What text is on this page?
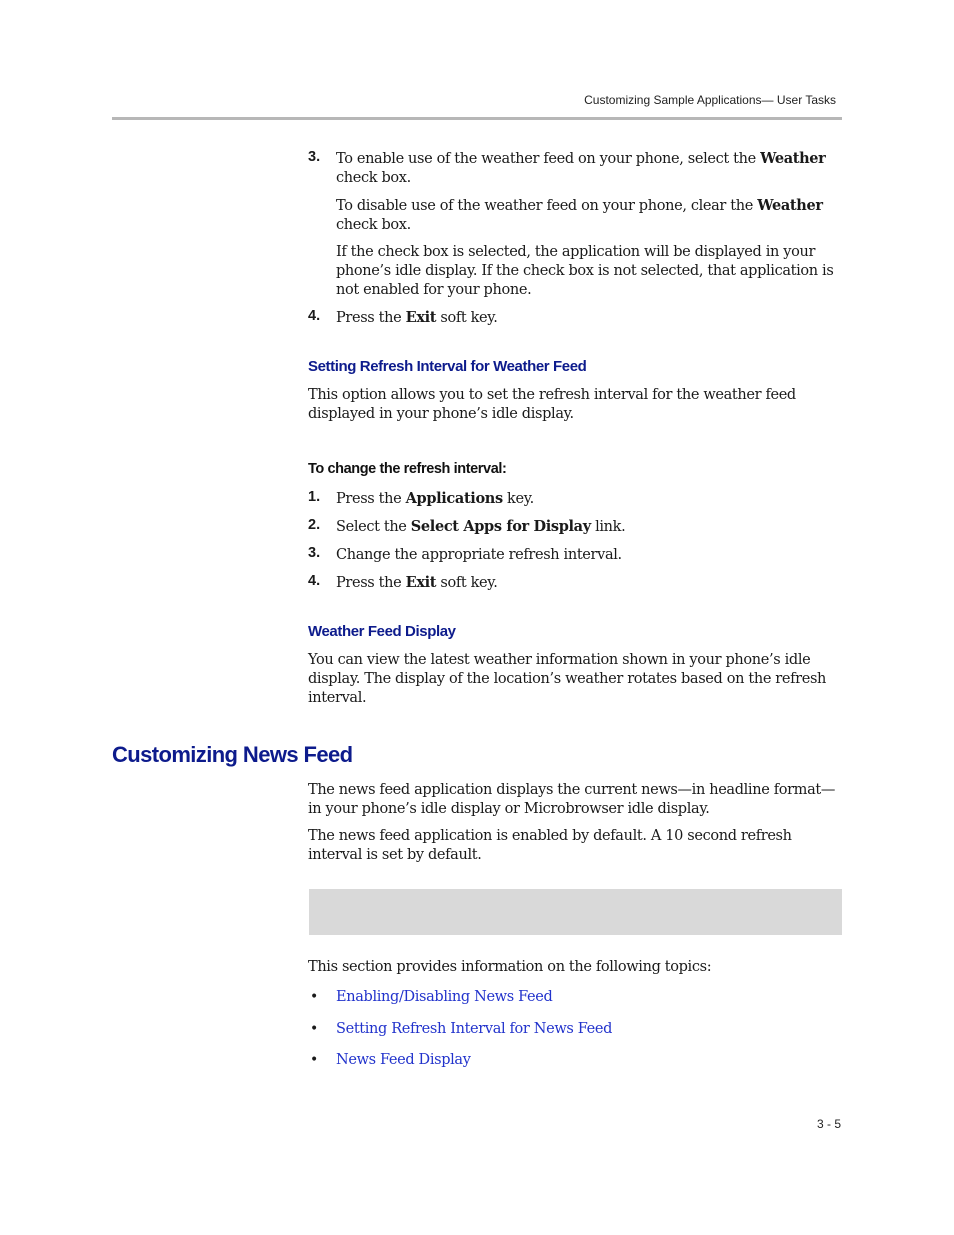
Customizing Sample Applications— User Tasks
3. To enable use of the weather feed on your phone, select the Weather check box.
To disable use of the weather feed on your phone, clear the Weather check box.
If the check box is selected, the application will be displayed in your phone’s idle display. If the check box is not selected, that application is not enabled for your phone.
4. Press the Exit soft key.
Setting Refresh Interval for Weather Feed
This option allows you to set the refresh interval for the weather feed displayed in your phone’s idle display.
To change the refresh interval:
1. Press the Applications key.
2. Select the Select Apps for Display link.
3. Change the appropriate refresh interval.
4. Press the Exit soft key.
Weather Feed Display
You can view the latest weather information shown in your phone’s idle display. The display of the location’s weather rotates based on the refresh interval.
Customizing News Feed
The news feed application displays the current news—in headline format—in your phone’s idle display or Microbrowser idle display.
The news feed application is enabled by default. A 10 second refresh interval is set by default.
This section provides information on the following topics:
• Enabling/Disabling News Feed
• Setting Refresh Interval for News Feed
• News Feed Display
3 - 5
